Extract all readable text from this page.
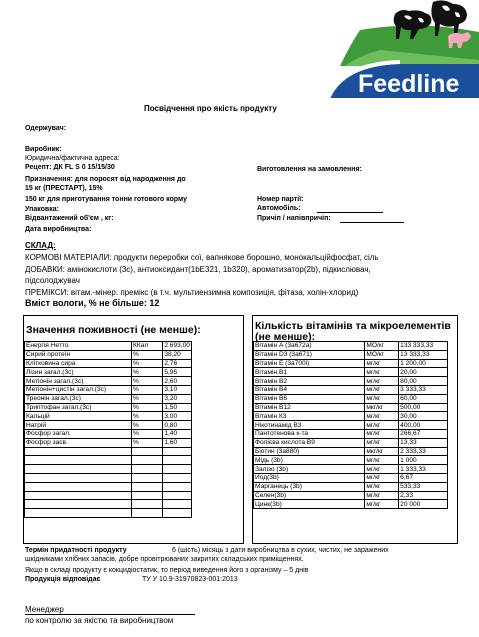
Feedline
Посвідчення про якість продукту
Одержувач:
Виробник:
Юридична/фактична адреса:
Рецепт: ДК FL S 0 15/15/30
Призначення: для поросят від народження до
15 кг (ПРЕСТАРТ), 15%
150 кг для приготування тонни готового корму
Упаковка:
Відвантажений об'єм , кг:
Дата виробництва:
Виготовлення на замовлення:
Номер партії:
Автомобіль:
Причіп / напівпричіп:
СКЛАД:
КОРМОВІ МАТЕРІАЛИ: продукти переробки сої, вапнякове борошно, монокальційфосфат, сіль
ДОБАВКИ: амінокислоти (3с), антиоксидант(1bE321, 1b320), ароматизатор(2b), підкислювач,
підсолоджувач
ПРЕМІКСИ: вітам.-мінер. премікс (в т.ч. мультиензимна композиція, фітаза, холін-хлорид)
Вміст вологи, % не більше: 12
Значення поживності (не менше):
Енергія Нетто	ККал	2 693,00
Сирий протеїн	%	38,20
Клітковина сира	%	2,76
Лізин загал.(3с)	%	5,95
Метіонін загал.(3с)	%	2,60
Метіонін+цистін загал.(3с)	%	3,10
Треонін загал.(3с)	%	3,20
Триптофан загал.(3с)	%	1,50
Кальцій	%	3,00
Натрій	%	0,80
Фосфор загал.	%	1,40
Фосфор засв.	%	1,60

Кількість вітамінів та мікроелементів
(не менше):
Вітамін А (3а672а)	МО/кг	133 333,33
Вітамін D3 (3а671)	МО/кг	13 333,33
Вітамін Е (3а700і)	мг/кг	1 200,00
Вітамін В1	мг/кг	20,00
Вітамін В2	мг/кг	80,00
Вітамін В4	мг/кг	3 333,33
Вітамін В6	мг/кг	60,00
Вітамін В12	мкг/кг	500,00
Вітамін К3	мг/кг	30,00
Нікотинамід В3	мг/кг	400,00
Пантотенова к-та	мг/кг	266,67
Фолієва кислота В9	мг/кг	13,33
Біотин (3а880)	мкг/кг	2 333,33
Мідь (3b)	мг/кг	1 000
Залізо (3b)	мг/кг	1 333,33
Йод(3b)	мг/кг	6,67
Марганець (3b)	мг/кг	533,33
Селен(3b)	мг/кг	2,33
Цинк(3b)	мг/кг	20 000
Термін придатності продукту	6 (шість) місяць з дати виробництва в сухих, чистих, не заражених
шкідниками хлібних запасів, добре провітрюваних закритих складських приміщеннях.
Якщо в складі продукту є кокцидіостатик, то період виведення його з організму – 5 днів
Продукція відповідає	ТУ У 10.9-31970823-001:2013
Менеджер
по контролю за якістю та виробництвом
